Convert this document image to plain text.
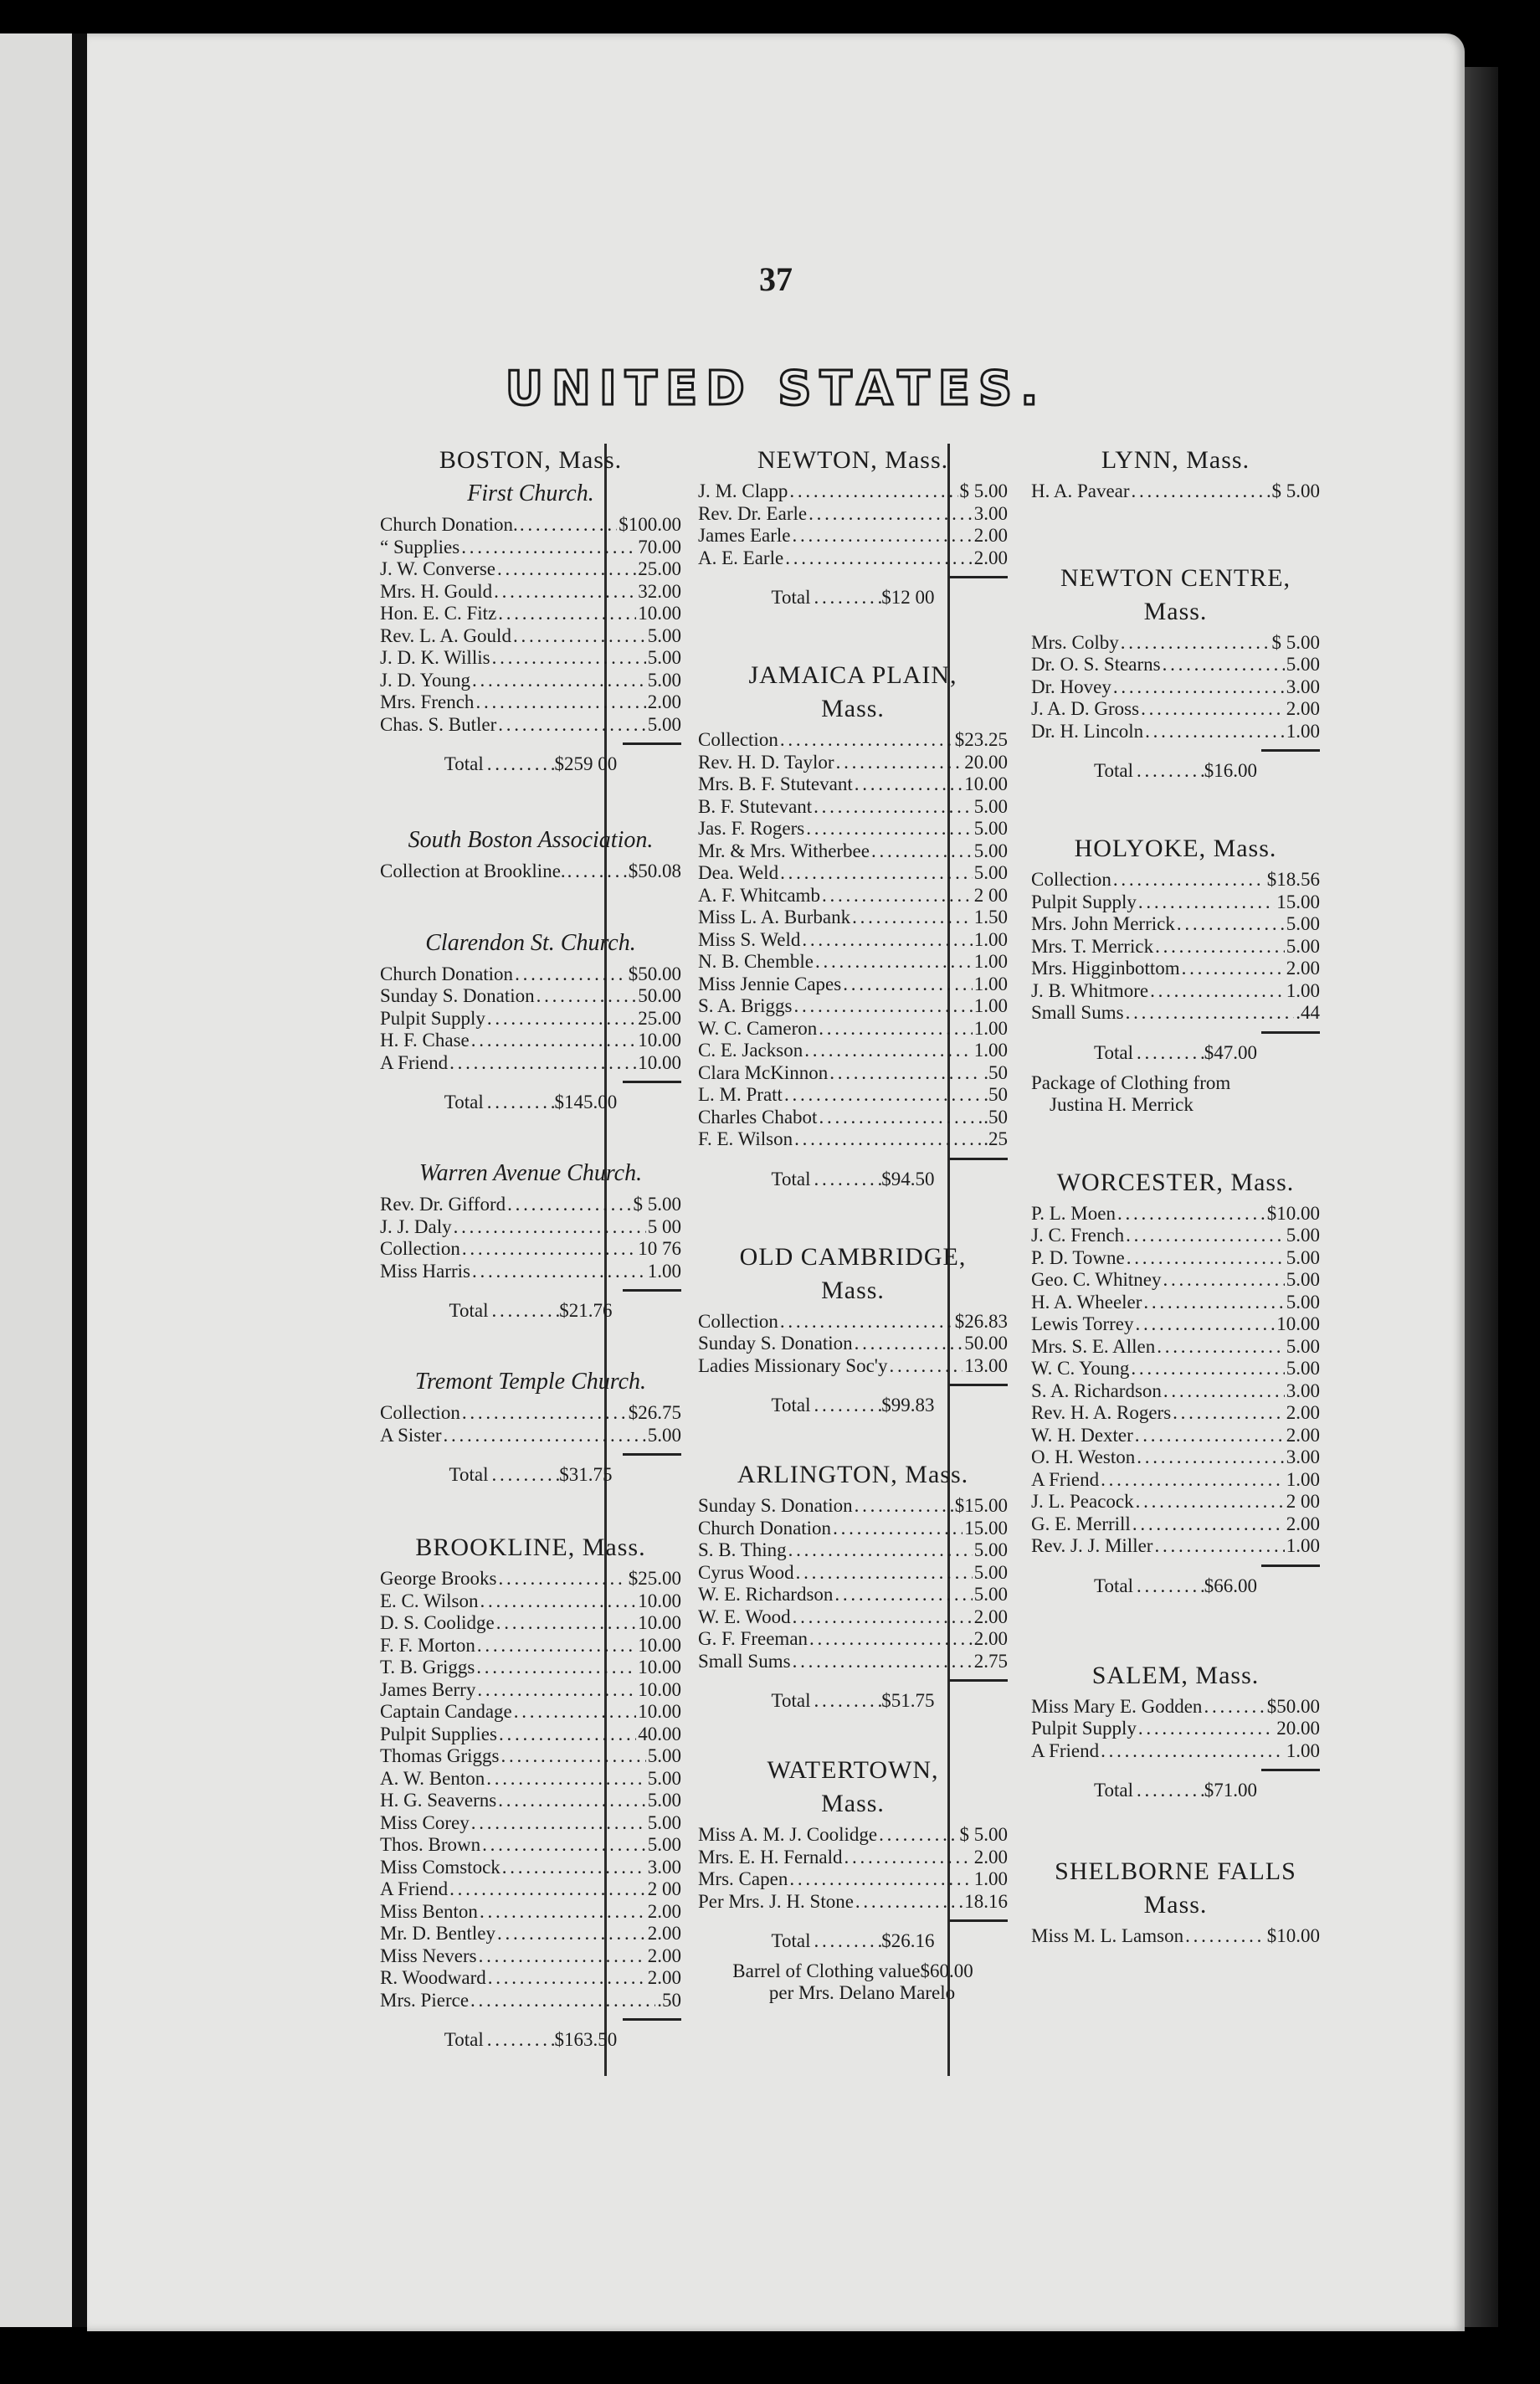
37
UNITED STATES.
BOSTON, Mass.
First Church.
Church Donation. . . .	$100.00
“ Supplies . . .	70.00
J. W. Converse . . .	25.00
Mrs. H. Gould . . .	32.00
Hon. E. C. Fitz . . .	10.00
Rev. L. A. Gould . . .	5.00
J. D. K. Willis . . .	5.00
J. D. Young . . .	5.00
Mrs. French . . .	2.00
Chas. S. Butler . . .	5.00
Total . . .	$259 00
South Boston Association.
Collection at Brookline. . . .	$50.08
Clarendon St. Church.
Church Donation . . .	$50.00
Sunday S. Donation . . .	50.00
Pulpit Supply . . .	25.00
H. F. Chase . . .	10.00
A Friend . . .	10.00
Total . . .	$145.00
Warren Avenue Church.
Rev. Dr. Gifford . . .	$ 5.00
J. J. Daly . . .	5 00
Collection . . .	10 76
Miss Harris . . .	1.00
Total . . .	$21.76
Tremont Temple Church.
Collection . . .	$26.75
A Sister . . .	5.00
Total . . .	$31.75
BROOKLINE, Mass.
George Brooks . . .	$25.00
E. C. Wilson . . .	10.00
D. S. Coolidge . . .	10.00
F. F. Morton . . .	10.00
T. B. Griggs . . .	10.00
James Berry . . .	10.00
Captain Candage . . .	10.00
Pulpit Supplies . . .	40.00
Thomas Griggs . . .	5.00
A. W. Benton . . .	5.00
H. G. Seaverns . . .	5.00
Miss Corey . . .	5.00
Thos. Brown . . .	5.00
Miss Comstock . . .	3.00
A Friend . . .	2 00
Miss Benton . . .	2.00
Mr. D. Bentley . . .	2.00
Miss Nevers . . .	2.00
R. Woodward . . .	2.00
Mrs. Pierce . . .	.50
Total . . .	$163.50
NEWTON, Mass.
J. M. Clapp . . .	$ 5.00
Rev. Dr. Earle . . .	3.00
James Earle . . .	2.00
A. E. Earle . . .	2.00
Total . . .	$12 00
JAMAICA PLAIN,
Mass.
Collection . . .	$23.25
Rev. H. D. Taylor . . .	20.00
Mrs. B. F. Stutevant . . .	10.00
B. F. Stutevant . . .	5.00
Jas. F. Rogers . . .	5.00
Mr. & Mrs. Witherbee . . .	5.00
Dea. Weld . . .	5.00
A. F. Whitcamb . . .	2 00
Miss L. A. Burbank . . .	1.50
Miss S. Weld . . .	1.00
N. B. Chemble . . .	1.00
Miss Jennie Capes . . .	1.00
S. A. Briggs . . .	1.00
W. C. Cameron . . .	1.00
C. E. Jackson . . .	1.00
Clara McKinnon . . .	.50
L. M. Pratt . . .	.50
Charles Chabot . . .	.50
F. E. Wilson . . .	.25
Total . . .	$94.50
OLD CAMBRIDGE,
Mass.
Collection . . .	$26.83
Sunday S. Donation . . .	50.00
Ladies Missionary Soc'y . . .	13.00
Total . . .	$99.83
ARLINGTON, Mass.
Sunday S. Donation . . .	$15.00
Church Donation . . .	15.00
S. B. Thing . . .	5.00
Cyrus Wood . . .	5.00
W. E. Richardson . . .	5.00
W. E. Wood . . .	2.00
G. F. Freeman . . .	2.00
Small Sums . . .	2.75
Total . . .	$51.75
WATERTOWN,
Mass.
Miss A. M. J. Coolidge . . .	$ 5.00
Mrs. E. H. Fernald . . .	2.00
Mrs. Capen . . .	1.00
Per Mrs. J. H. Stone . . .	18.16
Total . . .	$26.16
Barrel of Clothing value$60.00
per Mrs. Delano Marelo
LYNN, Mass.
H. A. Pavear . . .	$ 5.00
NEWTON CENTRE,
Mass.
Mrs. Colby . . .	$ 5.00
Dr. O. S. Stearns . . .	5.00
Dr. Hovey . . .	3.00
J. A. D. Gross . . .	2.00
Dr. H. Lincoln . . .	1.00
Total . . .	$16.00
HOLYOKE, Mass.
Collection . . .	$18.56
Pulpit Supply . . .	15.00
Mrs. John Merrick . . .	5.00
Mrs. T. Merrick . . .	5.00
Mrs. Higginbottom . . .	2.00
J. B. Whitmore . . .	1.00
Small Sums . . .	.44
Total . . .	$47.00
Package of Clothing from
Justina H. Merrick
WORCESTER, Mass.
P. L. Moen . . .	$10.00
J. C. French . . .	5.00
P. D. Towne . . .	5.00
Geo. C. Whitney . . .	5.00
H. A. Wheeler . . .	5.00
Lewis Torrey . . .	10.00
Mrs. S. E. Allen . . .	5.00
W. C. Young . . .	5.00
S. A. Richardson . . .	3.00
Rev. H. A. Rogers . . .	2.00
W. H. Dexter . . .	2.00
O. H. Weston . . .	3.00
A Friend . . .	1.00
J. L. Peacock . . .	2 00
G. E. Merrill . . .	2.00
Rev. J. J. Miller . . .	1.00
Total . . .	$66.00
SALEM, Mass.
Miss Mary E. Godden . . .	$50.00
Pulpit Supply . . .	20.00
A Friend . . .	1.00
Total . . .	$71.00
SHELBORNE FALLS
Mass.
Miss M. L. Lamson . . .	$10.00
